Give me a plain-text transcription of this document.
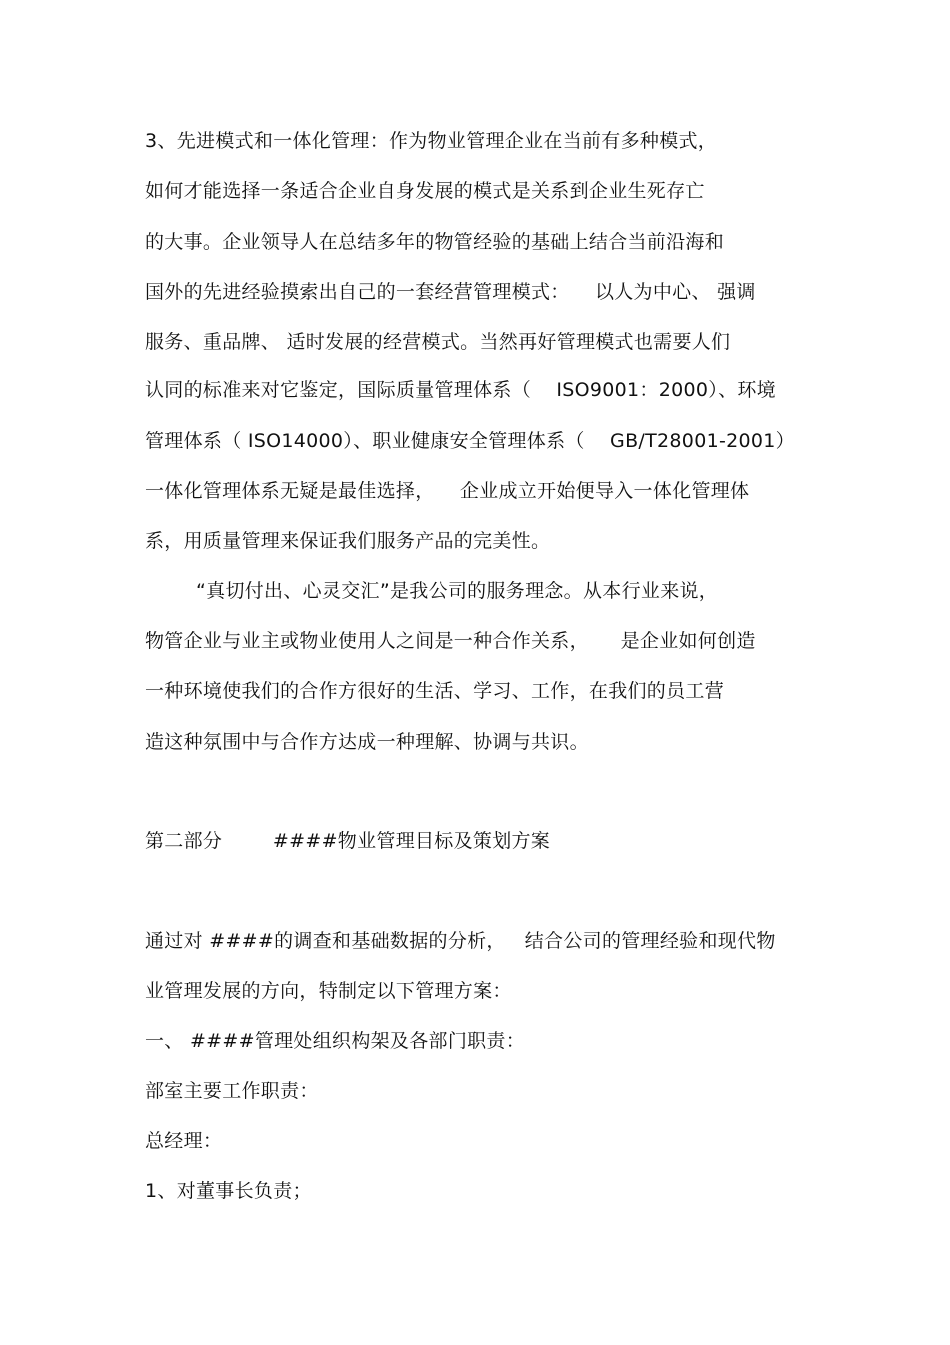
3、先进模式和一体化管理：作为物业管理企业在当前有多种模式，
如何才能选择一条适合企业自身发展的模式是关系到企业生死存亡
的大事。企业领导人在总结多年的物管经验的基础上结合当前沿海和
国外的先进经验摸索出自己的一套经营管理模式：    以人为中心、 强调
服务、重品牌、 适时发展的经营模式。当然再好管理模式也需要人们
认同的标准来对它鉴定，国际质量管理体系（    ISO9001：2000）、环境
管理体系（ ISO14000）、职业健康安全管理体系（    GB/T28001-2001）
一体化管理体系无疑是最佳选择，    企业成立开始便导入一体化管理体
系，用质量管理来保证我们服务产品的完美性。
“真切付出、心灵交汇”是我公司的服务理念。从本行业来说，
物管企业与业主或物业使用人之间是一种合作关系，     是企业如何创造
一种环境使我们的合作方很好的生活、学习、工作，在我们的员工营
造这种氛围中与合作方达成一种理解、协调与共识。
第二部分        ####物业管理目标及策划方案
通过对 ####的调查和基础数据的分析，   结合公司的管理经验和现代物
业管理发展的方向，特制定以下管理方案：
一、 ####管理处组织构架及各部门职责：
部室主要工作职责：
总经理：
1、对董事长负责；
